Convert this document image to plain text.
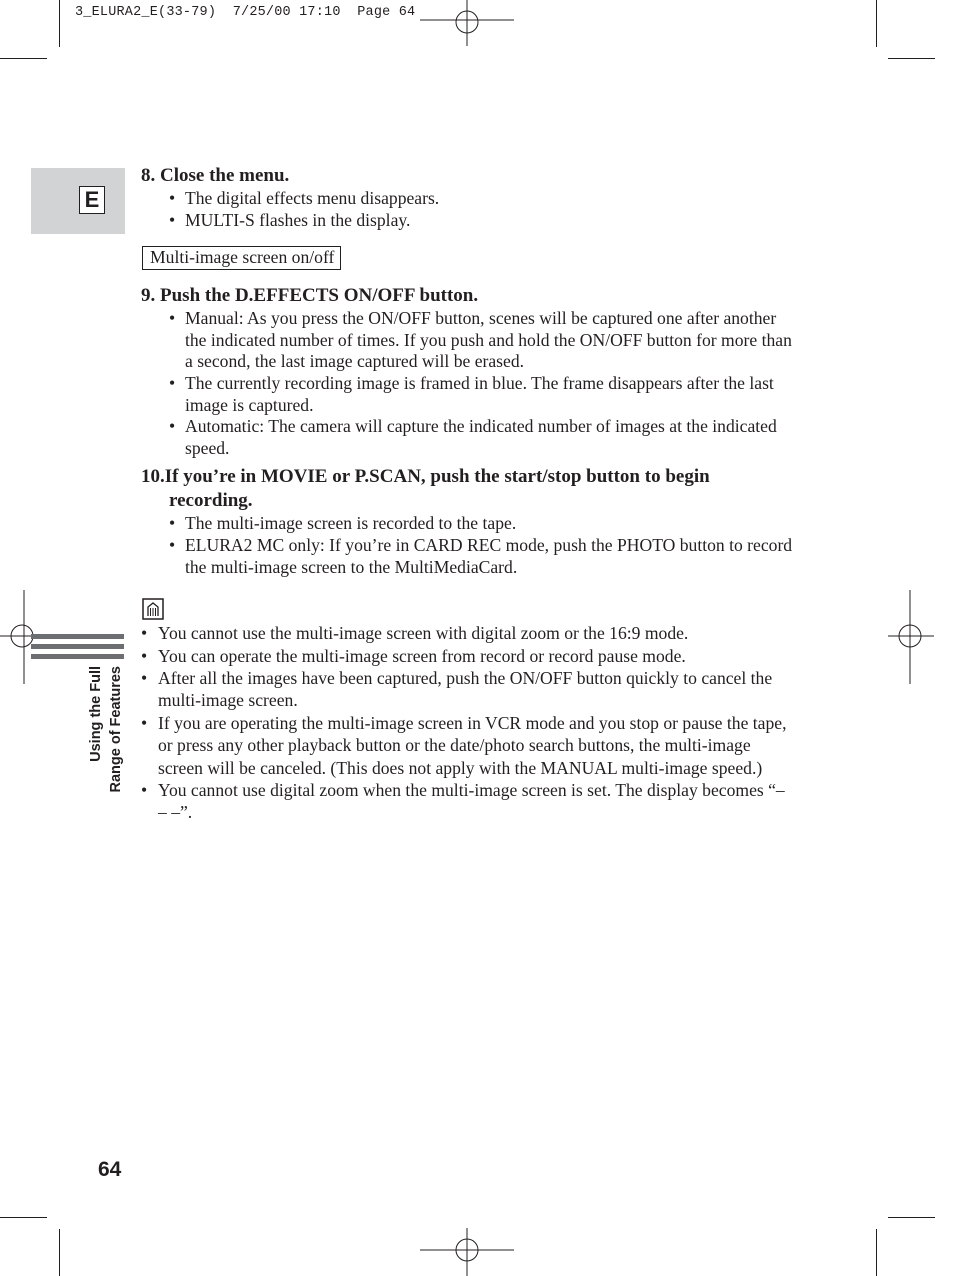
3_ELURA2_E(33-79)  7/25/00 17:10  Page 64
E
Using the Full Range of Features
64
8. Close the menu.
• The digital effects menu disappears.
• MULTI-S flashes in the display.
Multi-image screen on/off
9. Push the D.EFFECTS ON/OFF button.
• Manual: As you press the ON/OFF button, scenes will be captured one after another the indicated number of times. If you push and hold the ON/OFF button for more than a second, the last image captured will be erased.
• The currently recording image is framed in blue. The frame disappears after the last image is captured.
• Automatic: The camera will capture the indicated number of images at the indicated speed.
10.If you’re in MOVIE or P.SCAN, push the start/stop button to begin recording.
• The multi-image screen is recorded to the tape.
• ELURA2 MC only: If you’re in CARD REC mode, push the PHOTO button to record the multi-image screen to the MultiMediaCard.
• You cannot use the multi-image screen with digital zoom or the 16:9 mode.
• You can operate the multi-image screen from record or record pause mode.
• After all the images have been captured, push the ON/OFF button quickly to cancel the multi-image screen.
• If you are operating the multi-image screen in VCR mode and you stop or pause the tape, or press any other playback button or the date/photo search buttons, the multi-image screen will be canceled. (This does not apply with the MANUAL multi-image speed.)
• You cannot use digital zoom when the multi-image screen is set. The display becomes “– – –”.
